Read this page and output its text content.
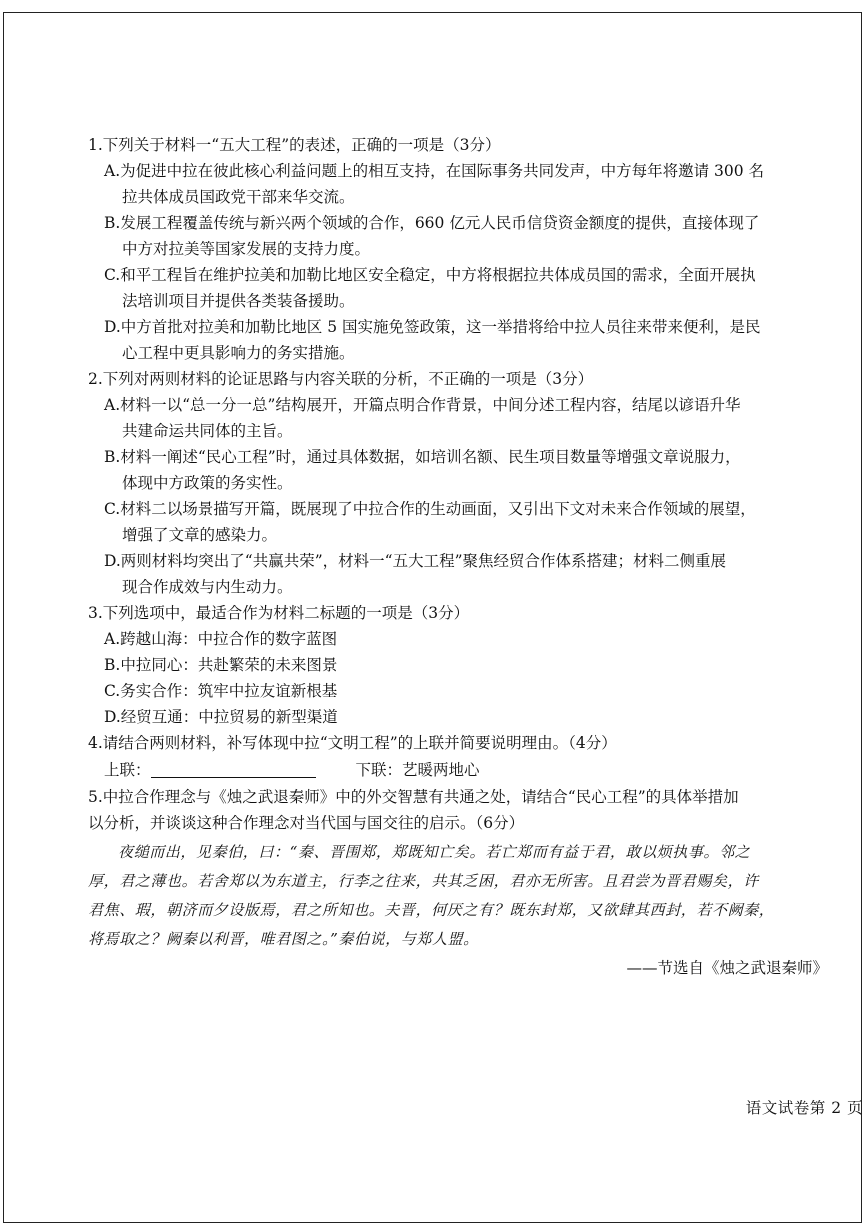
1.下列关于材料一“五大工程”的表述，正确的一项是（3分）
A.为促进中拉在彼此核心利益问题上的相互支持，在国际事务共同发声，中方每年将邀请 300 名
拉共体成员国政党干部来华交流。
B.发展工程覆盖传统与新兴两个领域的合作，660 亿元人民币信贷资金额度的提供，直接体现了
中方对拉美等国家发展的支持力度。
C.和平工程旨在维护拉美和加勒比地区安全稳定，中方将根据拉共体成员国的需求，全面开展执
法培训项目并提供各类装备援助。
D.中方首批对拉美和加勒比地区 5 国实施免签政策，这一举措将给中拉人员往来带来便利，是民
心工程中更具影响力的务实措施。
2.下列对两则材料的论证思路与内容关联的分析，不正确的一项是（3分）
A.材料一以“总一分一总”结构展开，开篇点明合作背景，中间分述工程内容，结尾以谚语升华
共建命运共同体的主旨。
B.材料一阐述“民心工程”时，通过具体数据，如培训名额、民生项目数量等增强文章说服力，
体现中方政策的务实性。
C.材料二以场景描写开篇，既展现了中拉合作的生动画面，又引出下文对未来合作领域的展望，
增强了文章的感染力。
D.两则材料均突出了“共赢共荣”，材料一“五大工程”聚焦经贸合作体系搭建；材料二侧重展
现合作成效与内生动力。
3.下列选项中，最适合作为材料二标题的一项是（3分）
A.跨越山海：中拉合作的数字蓝图
B.中拉同心：共赴繁荣的未来图景
C.务实合作：筑牢中拉友谊新根基
D.经贸互通：中拉贸易的新型渠道
4.请结合两则材料，补写体现中拉“文明工程”的上联并简要说明理由。（4分）
上联：	下联：艺暖两地心
5.中拉合作理念与《烛之武退秦师》中的外交智慧有共通之处，请结合“民心工程”的具体举措加
以分析，并谈谈这种合作理念对当代国与国交往的启示。（6分）
夜缒而出，见秦伯，曰：“秦、晋围郑，郑既知亡矣。若亡郑而有益于君，敢以烦执事。邻之
厚，君之薄也。若舍郑以为东道主，行李之往来，共其乏困，君亦无所害。且君尝为晋君赐矣，许
君焦、瑕，朝济而夕设版焉，君之所知也。夫晋，何厌之有？既东封郑，又欲肆其西封，若不阙秦，
将焉取之？阙秦以利晋，唯君图之。”秦伯说，与郑人盟。
——节选自《烛之武退秦师》
语文试卷第 2 页
